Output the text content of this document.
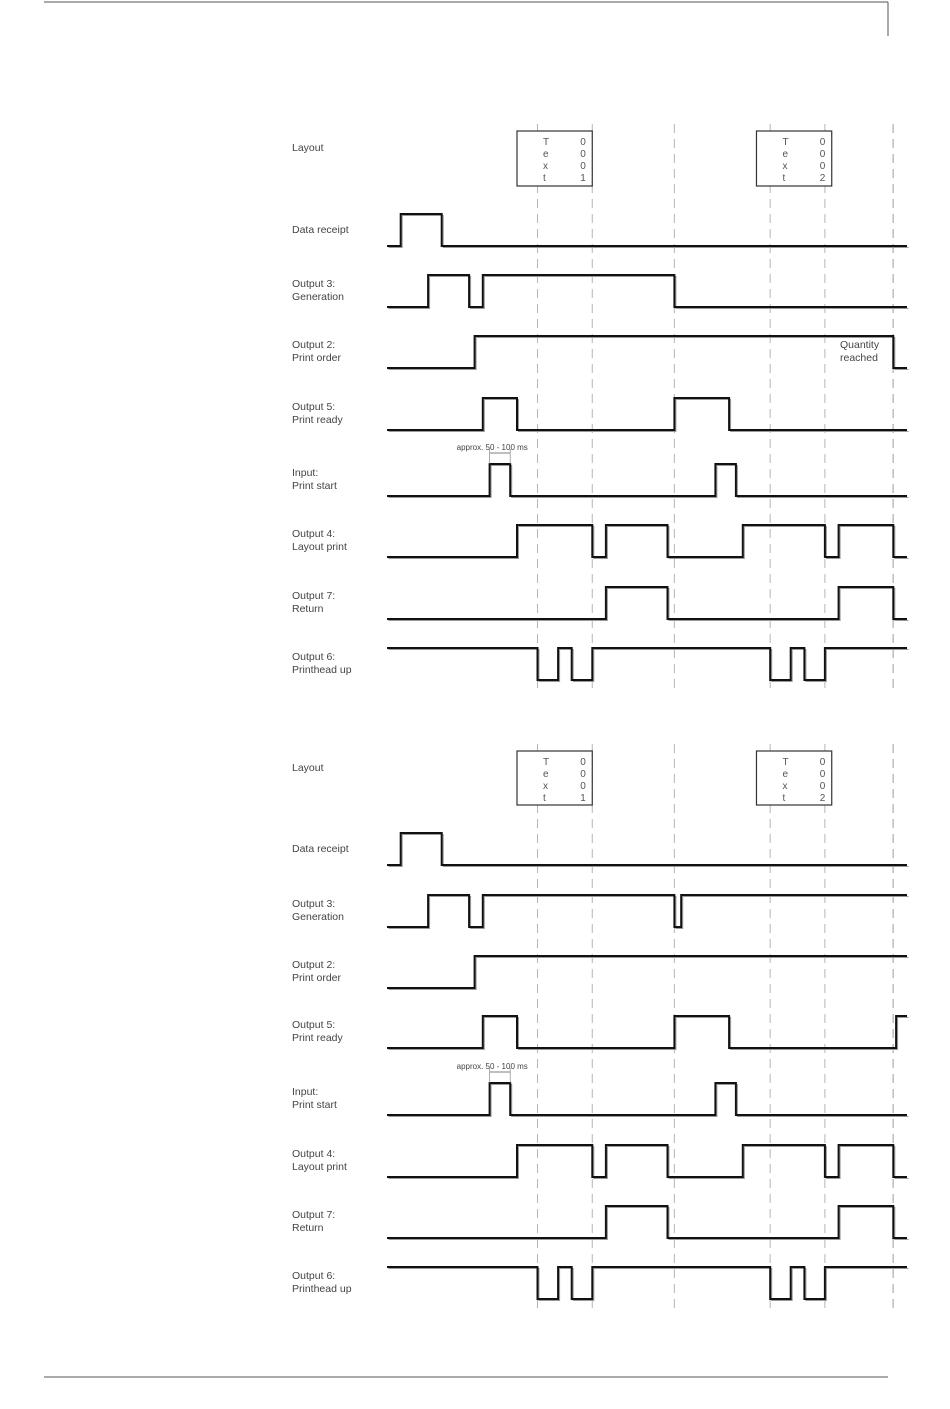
Layout	T
e
x
t
0
0
0
1
T
e
x
t
0
0
0
2
Data receipt
Output 3:
Generation
Output 2:
Print order
Quantity
reached
Output 5:
Print ready
Input:
Print start
approx. 50 - 100 ms
Output 4:
Layout print
Output 7:
Return
Output 6:
Printhead up
Layout	T
e
x
t
0
0
0
1
T
e
x
t
0
0
0
2
Data receipt
Output 3:
Generation
Output 2:
Print order
Output 5:
Print ready
Input:
Print start
approx. 50 - 100 ms
Output 4:
Layout print
Output 7:
Return
Output 6:
Printhead up
